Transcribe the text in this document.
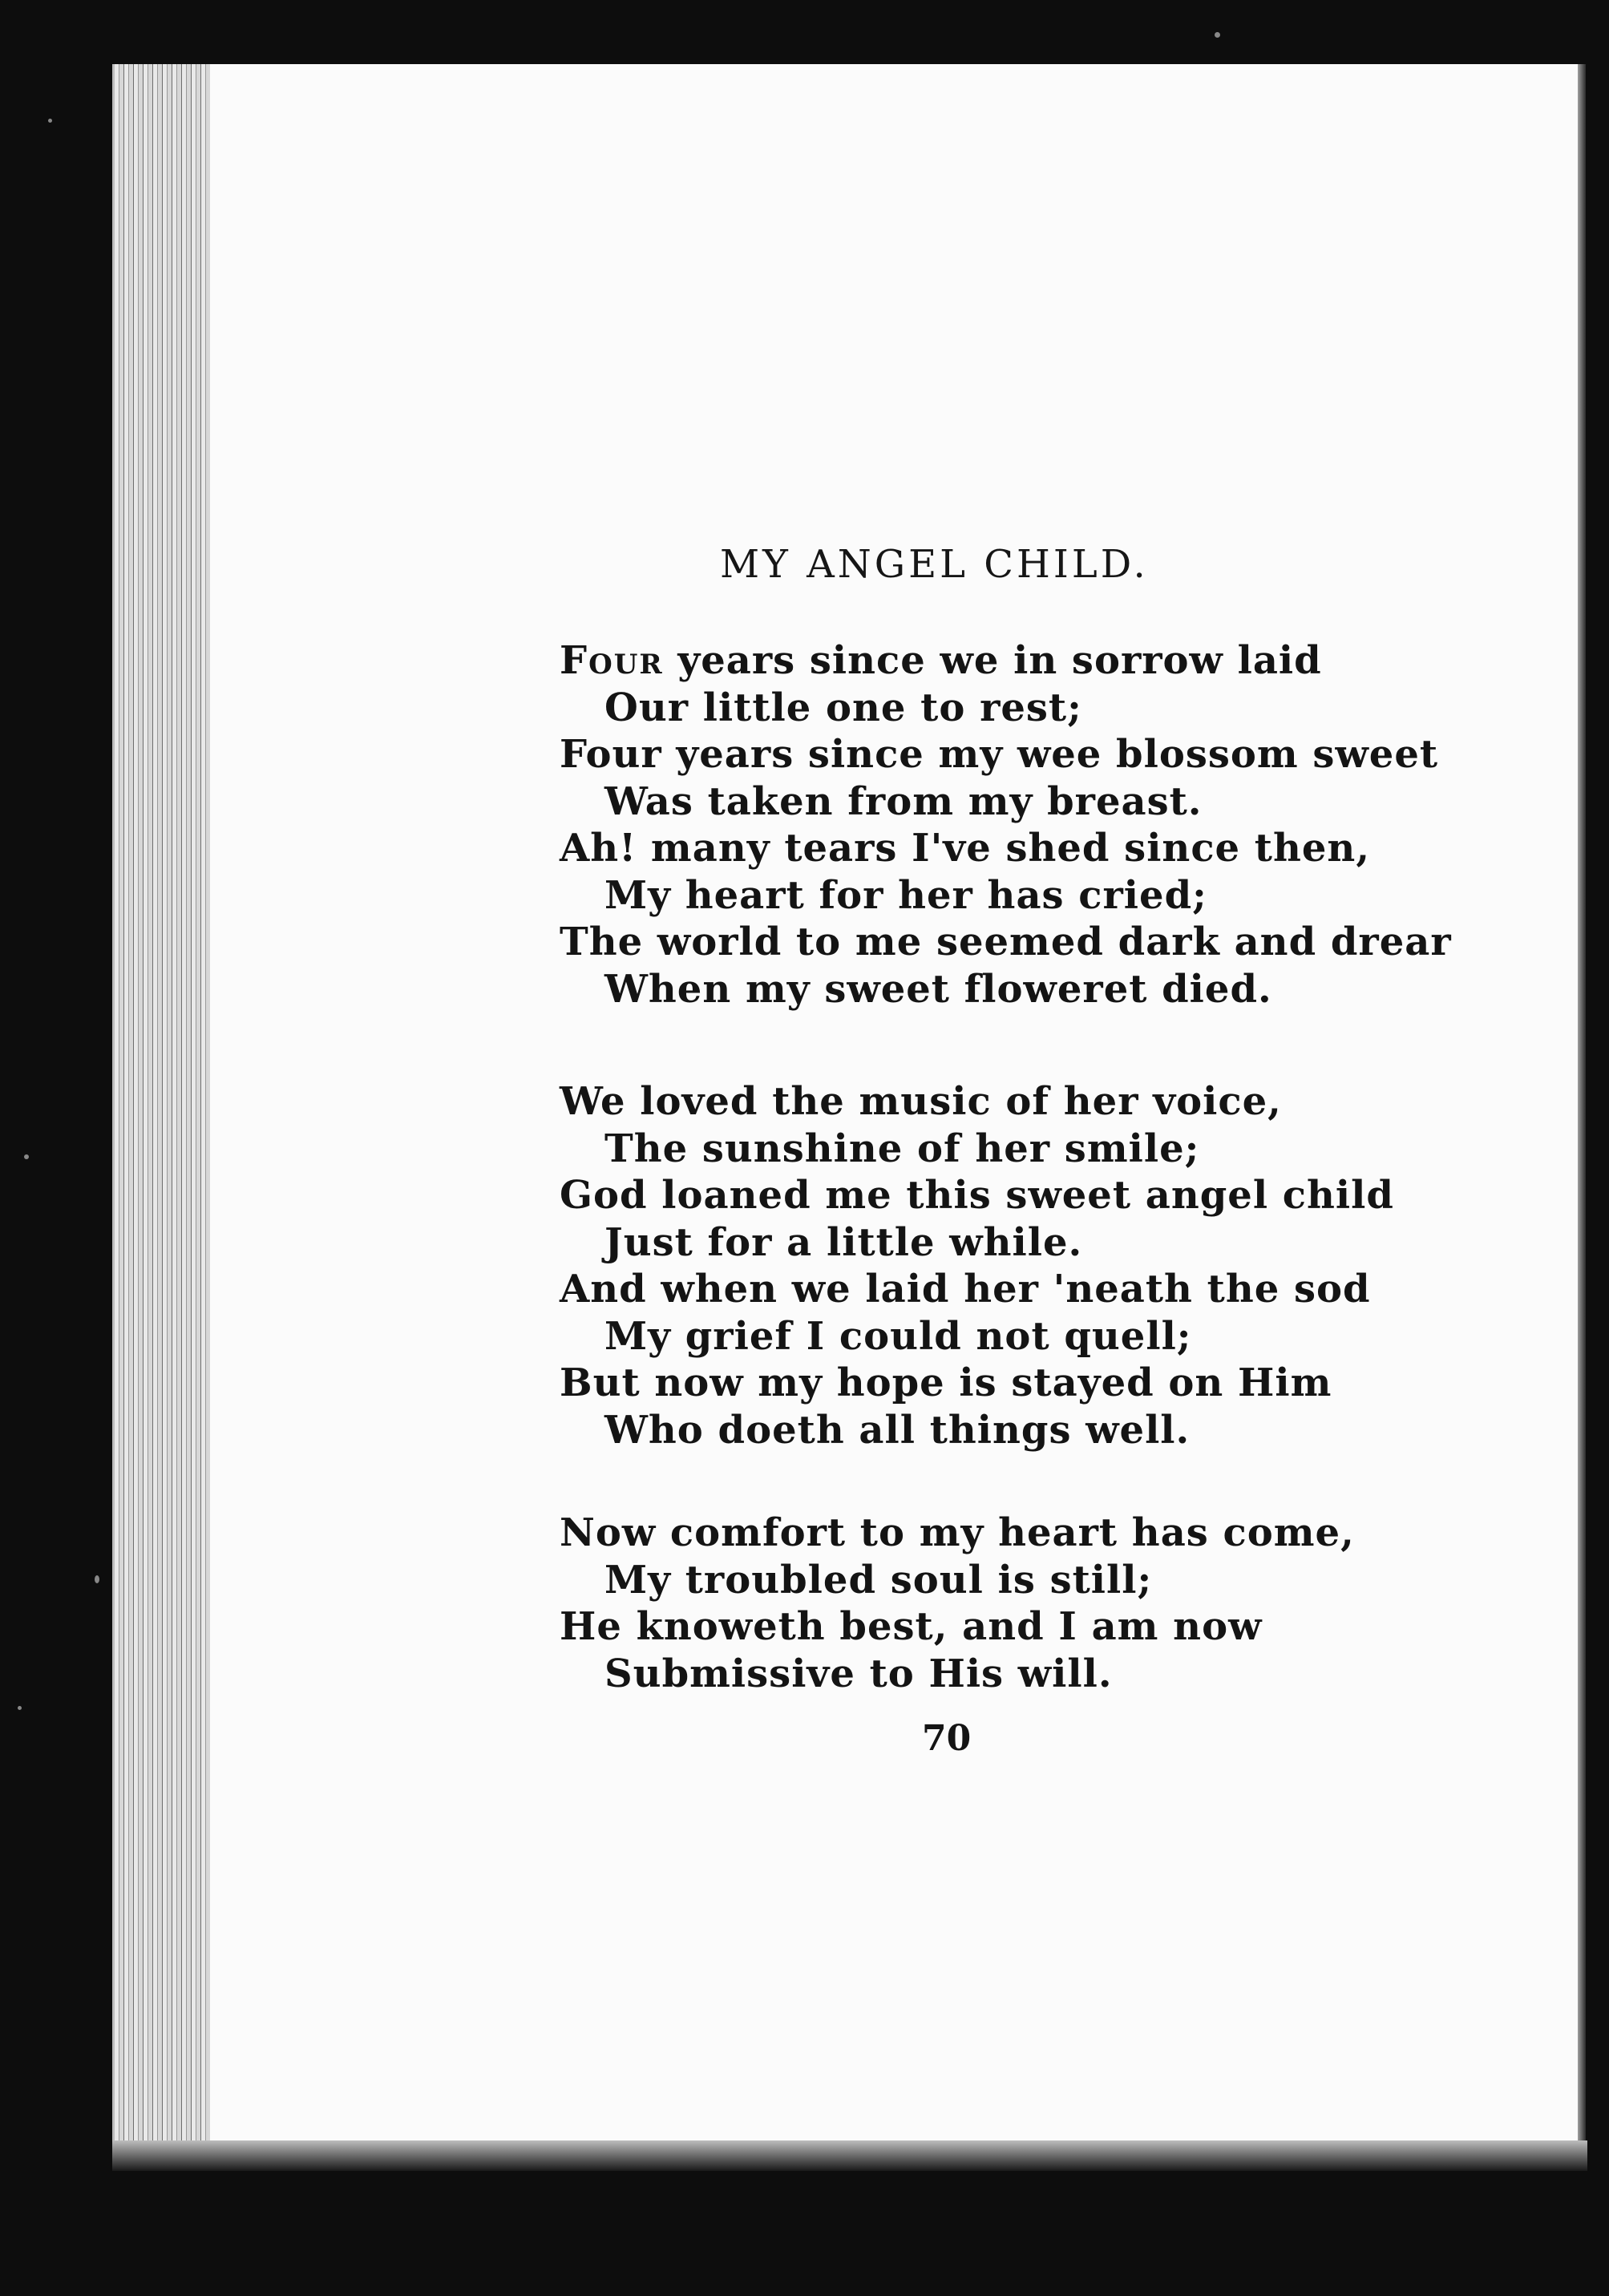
MY ANGEL CHILD.
Four years since we in sorrow laid
Our little one to rest;
Four years since my wee blossom sweet
Was taken from my breast.
Ah! many tears I've shed since then,
My heart for her has cried;
The world to me seemed dark and drear
When my sweet floweret died.
We loved the music of her voice,
The sunshine of her smile;
God loaned me this sweet angel child
Just for a little while.
And when we laid her 'neath the sod
My grief I could not quell;
But now my hope is stayed on Him
Who doeth all things well.
Now comfort to my heart has come,
My troubled soul is still;
He knoweth best, and I am now
Submissive to His will.
70
